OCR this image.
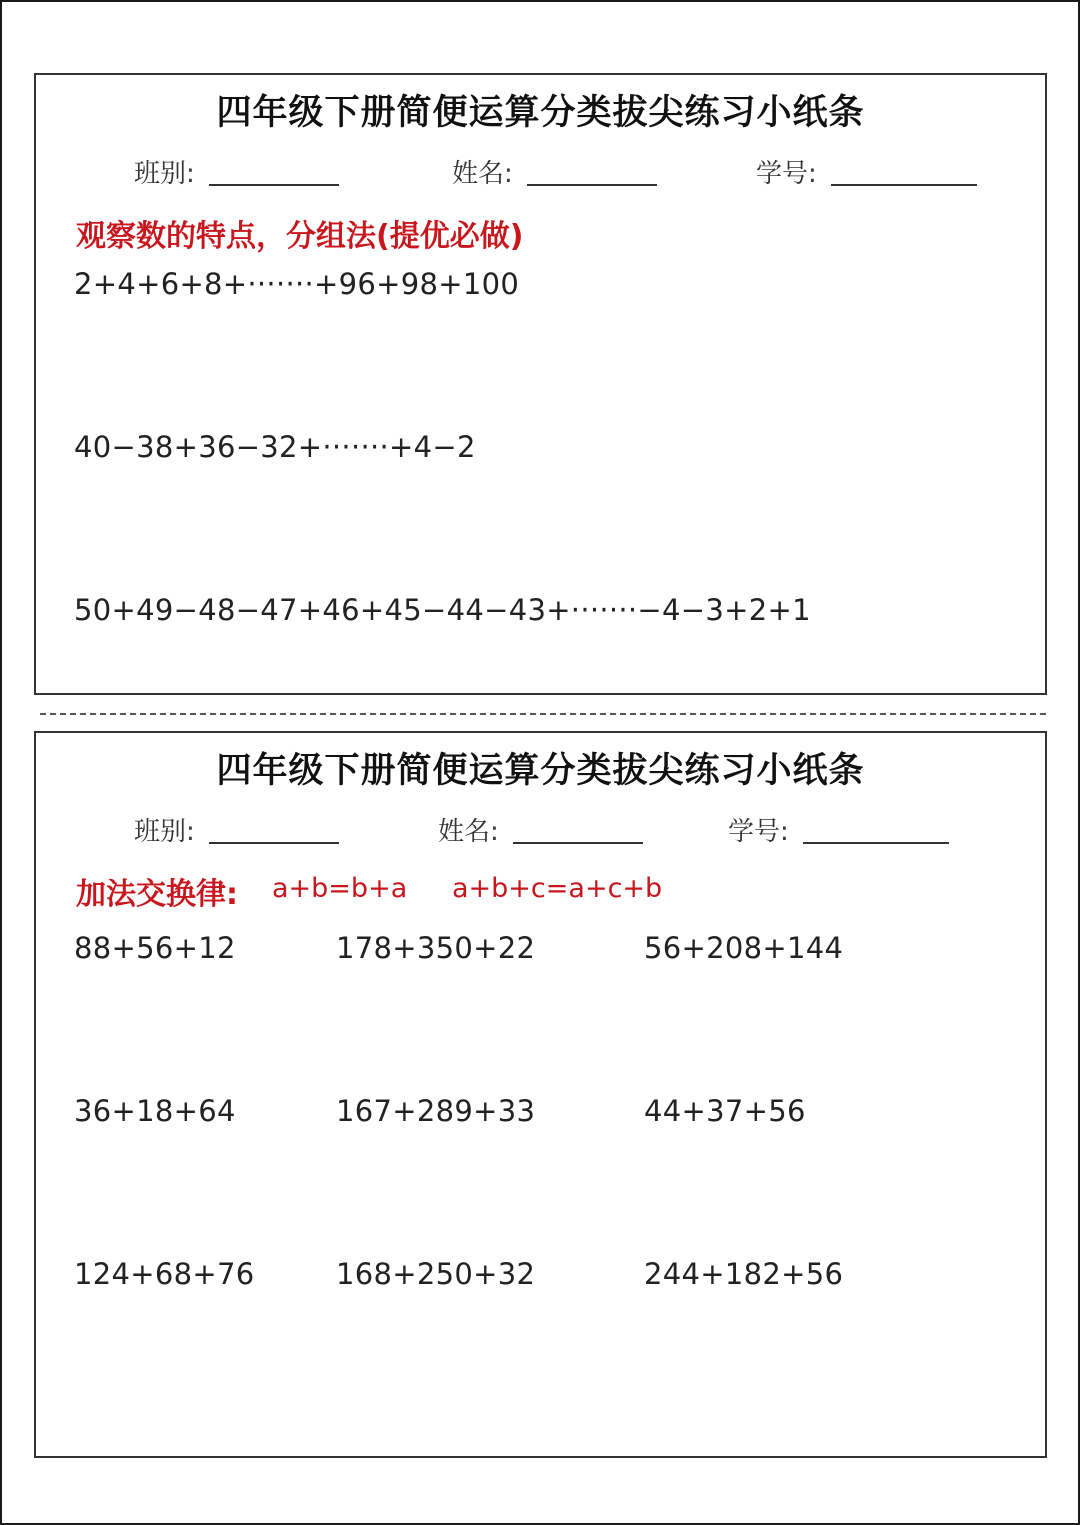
四年级下册简便运算分类拔尖练习小纸条
班别:	姓名:	学号:
观察数的特点，分组法(提优必做)
2+4+6+8+·······+96+98+100
40−38+36−32+·······+4−2
50+49−48−47+46+45−44−43+·······−4−3+2+1
四年级下册简便运算分类拔尖练习小纸条
班别:	姓名:	学号:
加法交换律: a+b=b+a a+b+c=a+c+b
88+56+12	178+350+22	56+208+144
36+18+64	167+289+33	44+37+56
124+68+76	168+250+32	244+182+56
